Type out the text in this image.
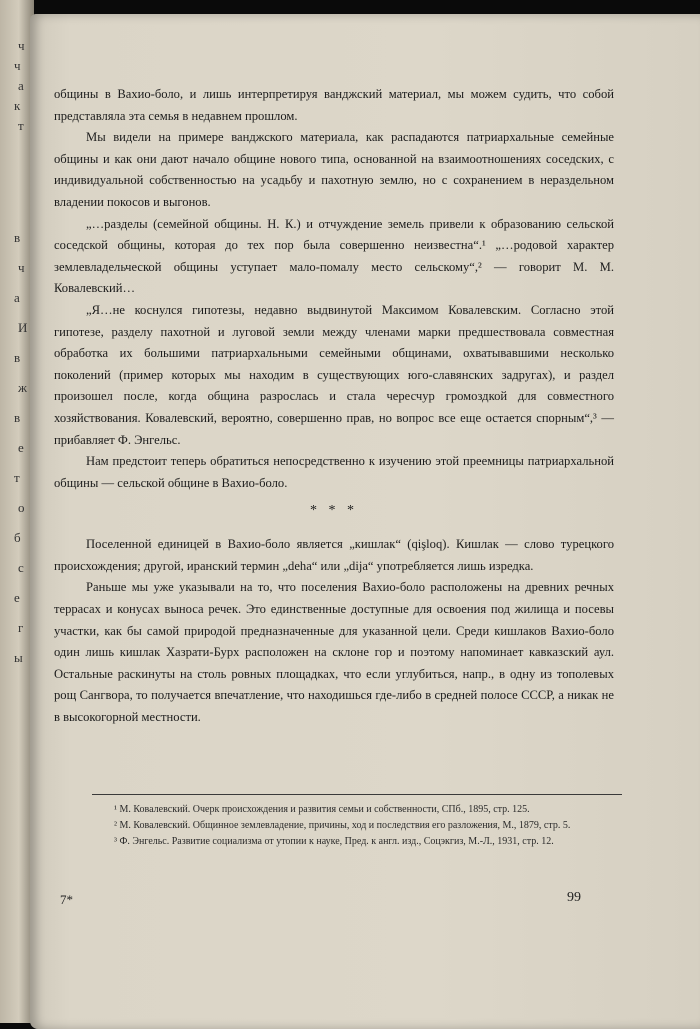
ч
ч
а
к
т
в
ч
а
И
в
ж
в
е
т
о
б
с
е
г
ы

общины в Вахио-боло, и лишь интерпретируя ванджский материал, мы можем судить, что собой представляла эта семья в недавнем прошлом.

Мы видели на примере ванджского материала, как распадаются патриархальные семейные общины и как они дают начало общине нового типа, основанной на взаимоотношениях соседских, с индивидуальной собственностью на усадьбу и пахотную землю, но с сохранением в нераздельном владении покосов и выгонов.

„…разделы (семейной общины. Н. К.) и отчуждение земель привели к образованию сельской соседской общины, которая до тех пор была совершенно неизвестна“.¹ „…родовой характер землевладельческой общины уступает мало-помалу место сельскому“,² — говорит М. М. Ковалевский…

„Я…не коснулся гипотезы, недавно выдвинутой Максимом Ковалевским. Согласно этой гипотезе, разделу пахотной и луговой земли между членами марки предшествовала совместная обработка их большими патриархальными семейными общинами, охватывавшими несколько поколений (пример которых мы находим в существующих юго-славянских задругах), и раздел произошел после, когда община разрослась и стала чересчур громоздкой для совместного хозяйствования. Ковалевский, вероятно, совершенно прав, но вопрос все еще остается спорным“,³ — прибавляет Ф. Энгельс.

Нам предстоит теперь обратиться непосредственно к изучению этой преемницы патриархальной общины — сельской общине в Вахио-боло.

* * *

Поселенной единицей в Вахио-боло является „кишлак“ (qişloq). Кишлак — слово турецкого происхождения; другой, иранский термин „deha“ или „dija“ употребляется лишь изредка.

Раньше мы уже указывали на то, что поселения Вахио-боло расположены на древних речных террасах и конусах выноса речек. Это единственные доступные для освоения под жилища и посевы участки, как бы самой природой предназначенные для указанной цели. Среди кишлаков Вахио-боло один лишь кишлак Хазрати-Бурх расположен на склоне гор и поэтому напоминает кавказский аул. Остальные раскинуты на столь ровных площадках, что если углубиться, напр., в одну из тополевых рощ Сангвора, то получается впечатление, что находишься где-либо в средней полосе СССР, а никак не в высокогорной местности.

¹ М. Ковалевский. Очерк происхождения и развития семьи и собственности, СПб., 1895, стр. 125.

² М. Ковалевский. Общинное землевладение, причины, ход и последствия его разложения, М., 1879, стр. 5.

³ Ф. Энгельс. Развитие социализма от утопии к науке, Пред. к англ. изд., Соцэкгиз, М.-Л., 1931, стр. 12.

7*	99
